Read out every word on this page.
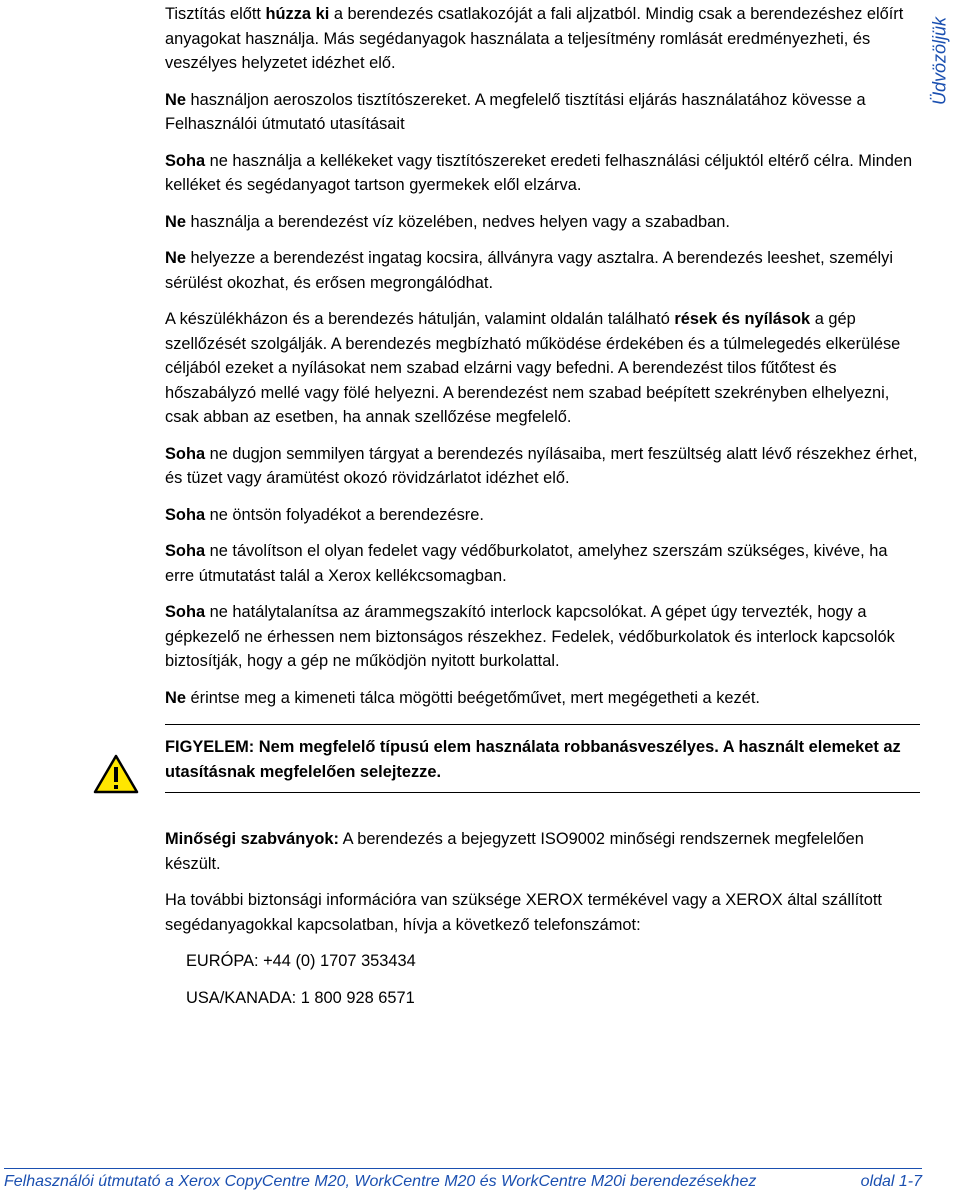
Üdvözöljük

Tisztítás előtt húzza ki a berendezés csatlakozóját a fali aljzatból. Mindig csak a berendezéshez előírt anyagokat használja. Más segédanyagok használata a teljesítmény romlását eredményezheti, és veszélyes helyzetet idézhet elő.

Ne használjon aeroszolos tisztítószereket. A megfelelő tisztítási eljárás használatához kövesse a Felhasználói útmutató utasításait

Soha ne használja a kellékeket vagy tisztítószereket eredeti felhasználási céljuktól eltérő célra. Minden kelléket és segédanyagot tartson gyermekek elől elzárva.

Ne használja a berendezést víz közelében, nedves helyen vagy a szabadban.

Ne helyezze a berendezést ingatag kocsira, állványra vagy asztalra. A berendezés leeshet, személyi sérülést okozhat, és erősen megrongálódhat.

A készülékházon és a berendezés hátulján, valamint oldalán található rések és nyílások a gép szellőzését szolgálják. A berendezés megbízható működése érdekében és a túlmelegedés elkerülése céljából ezeket a nyílásokat nem szabad elzárni vagy befedni. A berendezést tilos fűtőtest és hőszabályzó mellé vagy fölé helyezni. A berendezést nem szabad beépített szekrényben elhelyezni, csak abban az esetben, ha annak szellőzése megfelelő.

Soha ne dugjon semmilyen tárgyat a berendezés nyílásaiba, mert feszültség alatt lévő részekhez érhet, és tüzet vagy áramütést okozó rövidzárlatot idézhet elő.

Soha ne öntsön folyadékot a berendezésre.

Soha ne távolítson el olyan fedelet vagy védőburkolatot, amelyhez szerszám szükséges, kivéve, ha erre útmutatást talál a Xerox kellékcsomagban.

Soha ne hatálytalanítsa az árammegszakító interlock kapcsolókat. A gépet úgy tervezték, hogy a gépkezelő ne érhessen nem biztonságos részekhez. Fedelek, védőburkolatok és interlock kapcsolók biztosítják, hogy a gép ne működjön nyitott burkolattal.

Ne érintse meg a kimeneti tálca mögötti beégetőművet, mert megégetheti a kezét.

FIGYELEM: Nem megfelelő típusú elem használata robbanásveszélyes. A használt elemeket az utasításnak megfelelően selejtezze.

Minőségi szabványok: A berendezés a bejegyzett ISO9002 minőségi rendszernek megfelelően készült.

Ha további biztonsági információra van szüksége XEROX termékével vagy a XEROX által szállított segédanyagokkal kapcsolatban, hívja a következő telefonszámot:

EURÓPA: +44 (0) 1707 353434

USA/KANADA: 1 800 928 6571

Felhasználói útmutató a Xerox CopyCentre M20, WorkCentre M20 és WorkCentre M20i berendezésekhez	oldal 1-7
